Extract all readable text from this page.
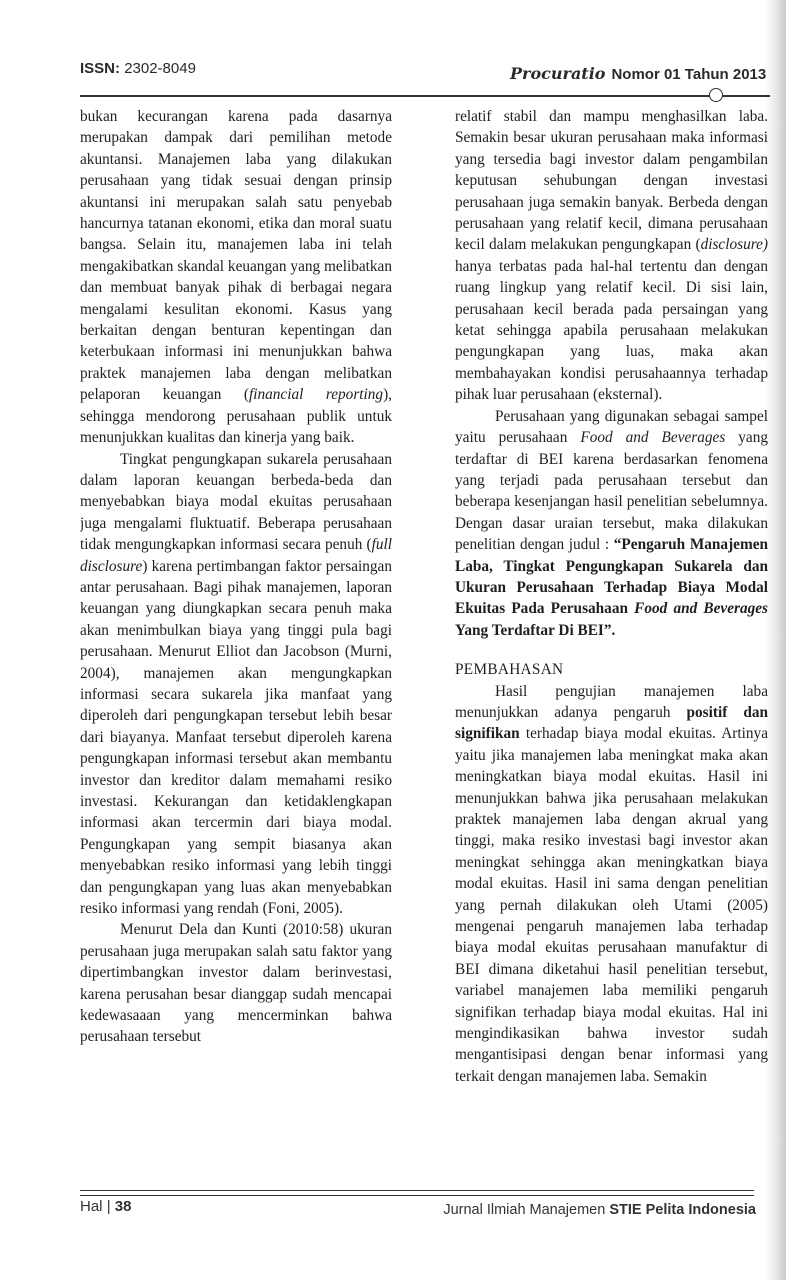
ISSN: 2302-8049	Procuratio Nomor 01 Tahun 2013

bukan kecurangan karena pada dasarnya merupakan dampak dari pemilihan metode akuntansi. Manajemen laba yang dilakukan perusahaan yang tidak sesuai dengan prinsip akuntansi ini merupakan salah satu penyebab hancurnya tatanan ekonomi, etika dan moral suatu bangsa. Selain itu, manajemen laba ini telah mengakibatkan skandal keuangan yang melibatkan dan membuat banyak pihak di berbagai negara mengalami kesulitan ekonomi. Kasus yang berkaitan dengan benturan kepentingan dan keterbukaan informasi ini menunjukkan bahwa praktek manajemen laba dengan melibatkan pelaporan keuangan (financial reporting), sehingga mendorong perusahaan publik untuk menunjukkan kualitas dan kinerja yang baik.

Tingkat pengungkapan sukarela perusahaan dalam laporan keuangan berbeda-beda dan menyebabkan biaya modal ekuitas perusahaan juga mengalami fluktuatif. Beberapa perusahaan tidak mengungkapkan informasi secara penuh (full disclosure) karena pertimbangan faktor persaingan antar perusahaan. Bagi pihak manajemen, laporan keuangan yang diungkapkan secara penuh maka akan menimbulkan biaya yang tinggi pula bagi perusahaan. Menurut Elliot dan Jacobson (Murni, 2004), manajemen akan mengungkapkan informasi secara sukarela jika manfaat yang diperoleh dari pengungkapan tersebut lebih besar dari biayanya. Manfaat tersebut diperoleh karena pengungkapan informasi tersebut akan membantu investor dan kreditor dalam memahami resiko investasi. Kekurangan dan ketidaklengkapan informasi akan tercermin dari biaya modal. Pengungkapan yang sempit biasanya akan menyebabkan resiko informasi yang lebih tinggi dan pengungkapan yang luas akan menyebabkan resiko informasi yang rendah (Foni, 2005).

Menurut Dela dan Kunti (2010:58) ukuran perusahaan juga merupakan salah satu faktor yang dipertimbangkan investor dalam berinvestasi, karena perusahan besar dianggap sudah mencapai kedewasaaan yang mencerminkan bahwa perusahaan tersebut

relatif stabil dan mampu menghasilkan laba. Semakin besar ukuran perusahaan maka informasi yang tersedia bagi investor dalam pengambilan keputusan sehubungan dengan investasi perusahaan juga semakin banyak. Berbeda dengan perusahaan yang relatif kecil, dimana perusahaan kecil dalam melakukan pengungkapan (disclosure) hanya terbatas pada hal-hal tertentu dan dengan ruang lingkup yang relatif kecil. Di sisi lain, perusahaan kecil berada pada persaingan yang ketat sehingga apabila perusahaan melakukan pengungkapan yang luas, maka akan membahayakan kondisi perusahaannya terhadap pihak luar perusahaan (eksternal).

Perusahaan yang digunakan sebagai sampel yaitu perusahaan Food and Beverages yang terdaftar di BEI karena berdasarkan fenomena yang terjadi pada perusahaan tersebut dan beberapa kesenjangan hasil penelitian sebelumnya. Dengan dasar uraian tersebut, maka dilakukan penelitian dengan judul : “Pengaruh Manajemen Laba, Tingkat Pengungkapan Sukarela dan Ukuran Perusahaan Terhadap Biaya Modal Ekuitas Pada Perusahaan Food and Beverages Yang Terdaftar Di BEI”.

PEMBAHASAN

Hasil pengujian manajemen laba menunjukkan adanya pengaruh positif dan signifikan terhadap biaya modal ekuitas. Artinya yaitu jika manajemen laba meningkat maka akan meningkatkan biaya modal ekuitas. Hasil ini menunjukkan bahwa jika perusahaan melakukan praktek manajemen laba dengan akrual yang tinggi, maka resiko investasi bagi investor akan meningkat sehingga akan meningkatkan biaya modal ekuitas. Hasil ini sama dengan penelitian yang pernah dilakukan oleh Utami (2005) mengenai pengaruh manajemen laba terhadap biaya modal ekuitas perusahaan manufaktur di BEI dimana diketahui hasil penelitian tersebut, variabel manajemen laba memiliki pengaruh signifikan terhadap biaya modal ekuitas. Hal ini mengindikasikan bahwa investor sudah mengantisipasi dengan benar informasi yang terkait dengan manajemen laba. Semakin

Hal | 38	Jurnal Ilmiah Manajemen STIE Pelita Indonesia
